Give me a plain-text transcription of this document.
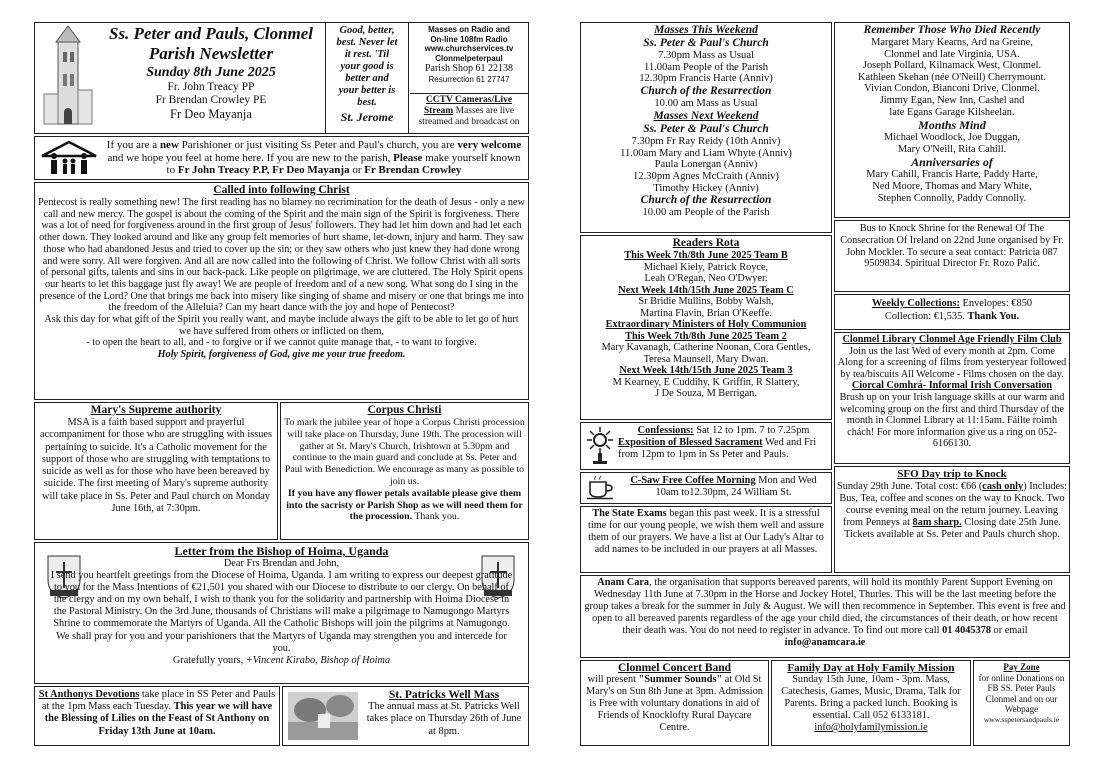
Ss. Peter and Pauls, Clonmel
Parish Newsletter
Sunday 8th June 2025
Fr. John Treacy PP
Fr Brendan Crowley PE
Fr Deo Mayanja
Good, better,
best. Never let
it rest. 'Til
your good is
better and
your better is
best.
St. Jerome
Masses on Radio and
On-line 108fm Radio
www.churchservices.tv
Clonmelpeterpaul
Parish Shop 61 22138
Resurrection 61 27747
CCTV Cameras/Live Stream Masses are live streamed and broadcast on
If you are a new Parishioner or just visiting Ss Peter and Paul's church, you are very welcome and we hope you feel at home here. If you are new to the parish, Please make yourself known to Fr John Treacy P.P, Fr Deo Mayanja or Fr Brendan Crowley
Called into following Christ
Pentecost is really something new! The first reading has no blarney no recrimination for the death of Jesus - only a new call and new mercy. The gospel is about the coming of the Spirit and the main sign of the Spirit is forgiveness. There was a lot of need for forgiveness around in the first group of Jesus' followers. They had let him down and had let each other down. They looked around and like any group felt memories of hurt shame, let-down, injury and harm. They saw those who had abandoned Jesus and tried to cover up the sin; or they saw others who just knew they had done wrong and were sorry. All were forgiven. And all are now called into the following of Christ. We follow Christ with all sorts of personal gifts, talents and sins in our back-pack. Like people on pilgrimage, we are cluttered. The Holy Spirit opens our hearts to let this baggage just fly away! We are people of freedom and of a new song. What song do I sing in the presence of the Lord? One that brings me back into misery like singing of shame and misery or one that brings me into the freedom of the Alleluia? Can my heart dance with the joy and hope of Pentecost?
Ask this day for what gift of the Spirit you really want, and maybe include always the gift to be able to let go of hurt we have suffered from others or inflicted on them,
- to open the heart to all, and - to forgive or if we cannot quite manage that, - to want to forgive.
Holy Spirit, forgiveness of God, give me your true freedom.
Mary's Supreme authority
MSA is a faith based support and prayerful accompaniment for those who are struggling with issues pertaining to suicide. It's a Catholic movement for the support of those who are struggling with temptations to suicide as well as for those who have been bereaved by suicide. The first meeting of Mary's supreme authority will take place in Ss. Peter and Paul church on Monday June 16th, at 7:30pm.
Corpus Christi
To mark the jubilee year of hope a Corpus Christi procession will take place on Thursday, June 19th. The procession will gather at St. Mary's Church, Irishtown at 5.30pm and continue to the main guard and conclude at Ss. Peter and Paul with Benediction. We encourage as many as possible to join us.
If you have any flower petals available please give them into the sacristy or Parish Shop as we will need them for the procession. Thank you.
Letter from the Bishop of Hoima, Uganda
Dear Frs Brendan and John,
I send you heartfelt greetings from the Diocese of Hoima, Uganda. I am writing to express our deepest gratitude to you for the Mass Intentions of €21,501 you shared with our Diocese to distribute to our clergy. On behalf of the clergy and on my own behalf, I wish to thank you for the solidarity and partnership with Hoima Diocese in the Pastoral Ministry. On the 3rd June, thousands of Christians will make a pilgrimage to Namugongo Martyrs Shrine to commemorate the Martyrs of Uganda. All the Catholic Bishops will join the pilgrims at Namugongo. We shall pray for you and your parishioners that the Martyrs of Uganda may strengthen you and intercede for you.
Gratefully yours, +Vincent Kirabo, Bishop of Hoima
St Anthonys Devotions take place in SS Peter and Pauls at the 1pm Mass each Tuesday. This year we will have the Blessing of Lilies on the Feast of St Anthony on Friday 13th June at 10am.
St. Patricks Well Mass
The annual mass at St. Patricks Well takes place on Thursday 26th of June at 8pm.
Masses This Weekend
Ss. Peter & Paul's Church
7.30pm Mass as Usual
11.00am People of the Parish
12.30pm Francis Harte (Anniv)
Church of the Resurrection
10.00 am Mass as Usual
Masses Next Weekend
Ss. Peter & Paul's Church
7.30pm Fr Ray Reidy (10th Anniv)
11.00am Mary and Liam Whyte (Anniv)
Paula Lonergan (Anniv)
12.30pm Agnes McCraith (Anniv)
Timothy Hickey (Anniv)
Church of the Resurrection
10.00 am People of the Parish
Remember Those Who Died Recently
Margaret Mary Kearns, Ard na Greine,
Clonmel and late Virginia, USA.
Joseph Pollard, Kilnamack West, Clonmel.
Kathleen Skehan (née O'Neill) Cherrymount.
Vivian Condon, Bianconi Drive, Clonmel.
Jimmy Egan, New Inn, Cashel and
late Egans Garage Kilsheelan.
Months Mind
Michael Woodlock, Joe Duggan,
Mary O'Neill, Rita Cahill.
Anniversaries of
Mary Cahill, Francis Harte, Paddy Harte,
Ned Moore, Thomas and Mary White,
Stephen Connolly, Paddy Connolly.
Readers Rota
This Week 7th/8th June 2025 Team B
Michael Kiely, Patrick Royce,
Leah O'Regan, Neo O'Dwyer.
Next Week 14th/15th June 2025 Team C
Sr Bridie Mullins, Bobby Walsh,
Martina Flavin, Brian O'Keeffe.
Extraordinary Ministers of Holy Communion
This Week 7th/8th June 2025 Team 2
Mary Kavanagh, Catherine Noonan, Cora Gentles,
Teresa Maunsell, Mary Dwan.
Next Week 14th/15th June 2025 Team 3
M Kearney, E Cuddihy, K Griffin, R Slattery,
J De Souza, M Berrigan.
Bus to Knock Shrine for the Renewal Of The Consecration Of Ireland on 22nd June organised by Fr. John Mockler. To secure a seat contact: Patricia 087 9509834. Spiritual Director Fr. Rozo Palić.
Weekly Collections: Envelopes: €850
Collection: €1,535. Thank You.
Clonmel Library Clonmel Age Friendly Film Club Join us the last Wed of every month at 2pm. Come Along for a screening of films from yesteryear followed by tea/biscuits All Welcome - Films chosen on the day.
Ciorcal Comhrá- Informal Irish Conversation
Brush up on your Irish language skills at our warm and welcoming group on the first and third Thursday of the month in Clonmel Library at 11:15am. Fáilte roimh chách! For more information give us a ring on 052-6166130.
Confessions: Sat 12 to 1pm. 7 to 7.25pm
Exposition of Blessed Sacrament Wed and Fri from 12pm to 1pm in Ss Peter and Pauls.
C-Saw Free Coffee Morning Mon and Wed 10am to12.30pm, 24 William St.
The State Exams began this past week. It is a stressful time for our young people, we wish them well and assure them of our prayers. We have a list at Our Lady's Altar to add names to be included in our prayers at all Masses.
SFO Day trip to Knock
Sunday 29th June. Total cost: €66 (cash only) Includes: Bus, Tea, coffee and scones on the way to Knock. Two course evening meal on the return journey. Leaving from Penneys at 8am sharp. Closing date 25th June. Tickets available at Ss. Peter and Pauls church shop.
Anam Cara, the organisation that supports bereaved parents, will hold its monthly Parent Support Evening on Wednesday 11th June at 7.30pm in the Horse and Jockey Hotel, Thurles. This will be the last meeting before the group takes a break for the summer in July & August. We will then recommence in September. This event is free and open to all bereaved parents regardless of the age your child died, the circumstances of their death, or how recent their death was. You do not need to register in advance. To find out more call 01 4045378 or email info@anamcara.ie
Clonmel Concert Band
will present "Summer Sounds" at Old St Mary's on Sun 8th June at 3pm. Admission is Free with voluntary donations in aid of Friends of Knocklofty Rural Daycare Centre.
Family Day at Holy Family Mission
Sunday 15th June, 10am - 3pm. Mass, Catechesis, Games, Music, Drama, Talk for Parents. Bring a packed lunch. Booking is essential. Call 052 6133181.
info@holyfamilymission.ie
Pay Zone
for online Donations on FB SS. Peter Pauls Clonmel and on our Webpage
www.sspetersandpauls.ie
